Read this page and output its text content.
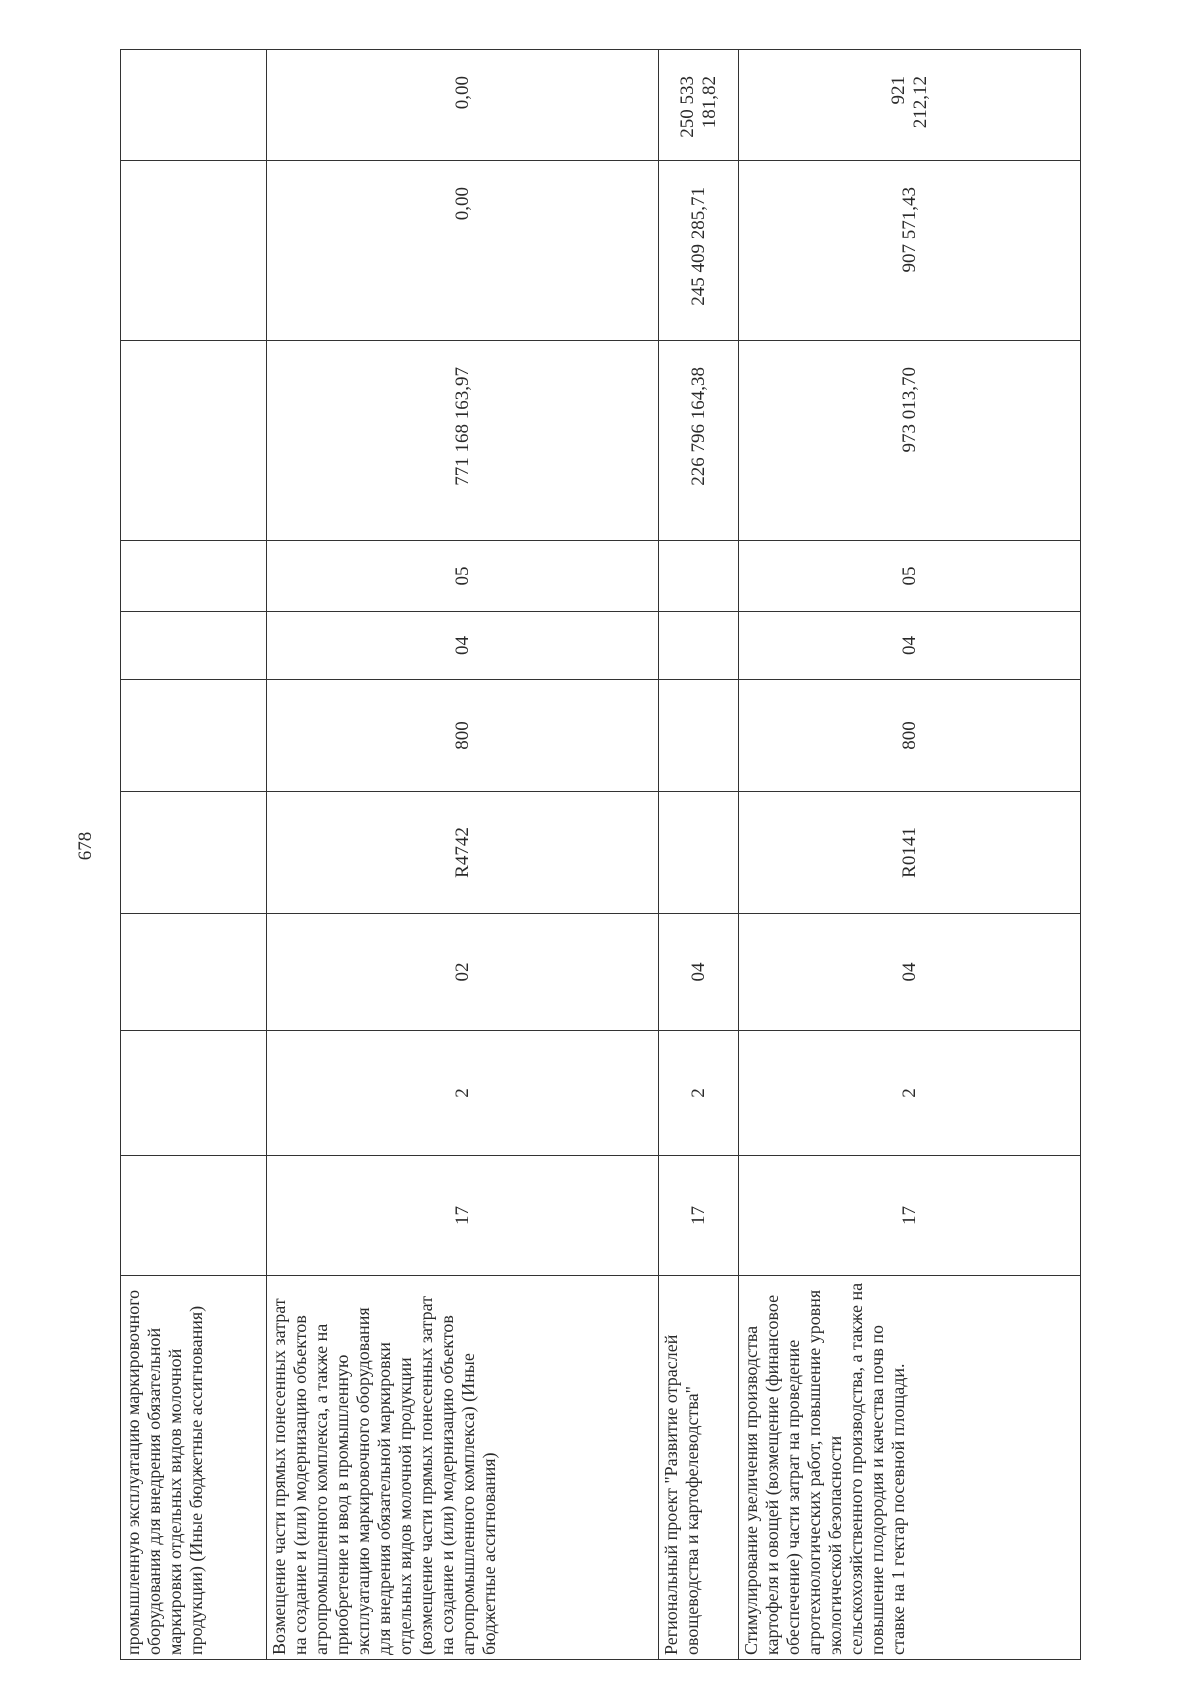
678
промышленную эксплуатацию маркировочного оборудования для внедрения обязательной маркировки отдельных видов молочной продукции) (Иные бюджетные ассигнования)										
Возмещение части прямых понесенных затрат на создание и (или) модернизацию объектов агропромышленного комплекса, а также на приобретение и ввод в промышленную эксплуатацию маркировочного оборудования для внедрения обязательной маркировки отдельных видов молочной продукции (возмещение части прямых понесенных затрат на создание и (или) модернизацию объектов агропромышленного комплекса) (Иные бюджетные ассигнования)	17	2	02	R4742	800	04	05	771 168 163,97	0,00	0,00
Региональный проект "Развитие отраслей овощеводства и картофелеводства"	17	2	04					226 796 164,38	245 409 285,71	250 533 181,82
Стимулирование увеличения производства картофеля и овощей (возмещение (финансовое обеспечение) части затрат на проведение агротехнологических работ, повышение уровня экологической безопасности сельскохозяйственного производства, а также на повышение плодородия и качества почв по ставке на 1 гектар посевной площади.	17	2	04	R0141	800	04	05	973 013,70	907 571,43	921 212,12
